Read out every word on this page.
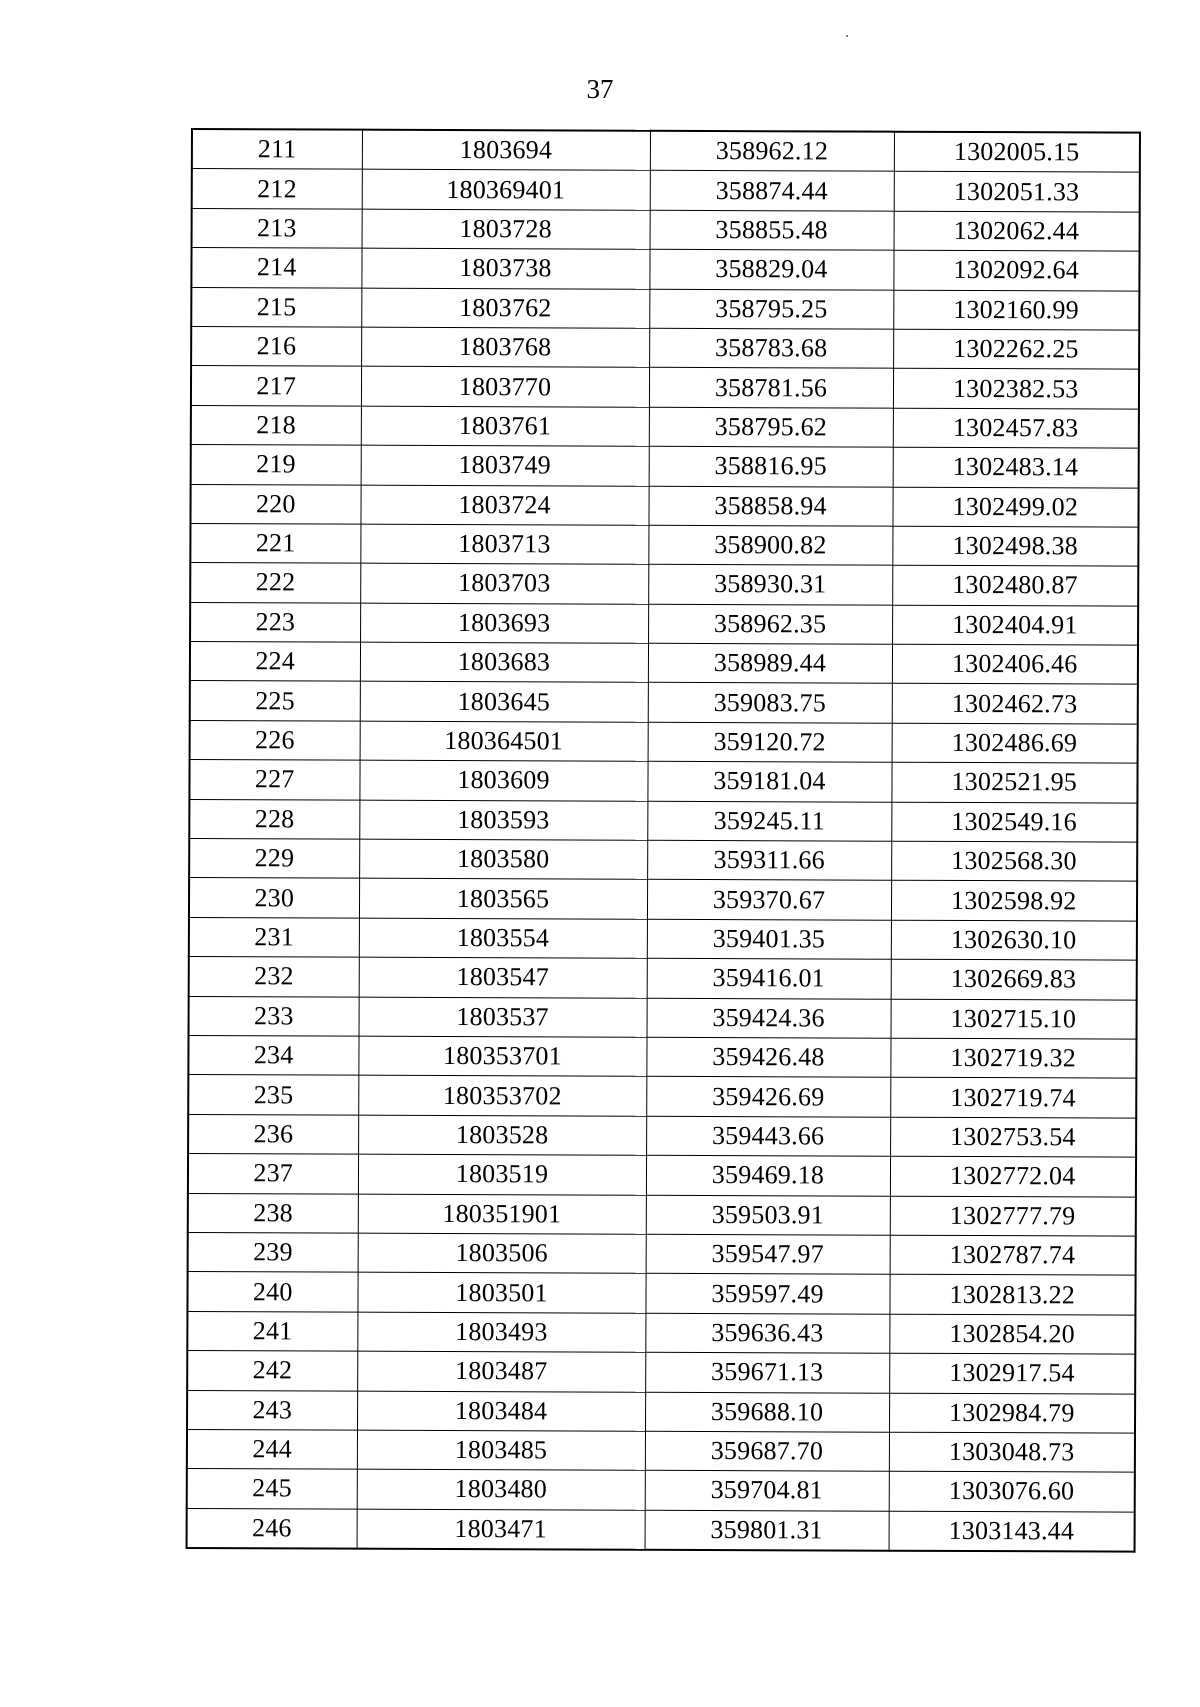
37
211	1803694	358962.12	1302005.15
212	180369401	358874.44	1302051.33
213	1803728	358855.48	1302062.44
214	1803738	358829.04	1302092.64
215	1803762	358795.25	1302160.99
216	1803768	358783.68	1302262.25
217	1803770	358781.56	1302382.53
218	1803761	358795.62	1302457.83
219	1803749	358816.95	1302483.14
220	1803724	358858.94	1302499.02
221	1803713	358900.82	1302498.38
222	1803703	358930.31	1302480.87
223	1803693	358962.35	1302404.91
224	1803683	358989.44	1302406.46
225	1803645	359083.75	1302462.73
226	180364501	359120.72	1302486.69
227	1803609	359181.04	1302521.95
228	1803593	359245.11	1302549.16
229	1803580	359311.66	1302568.30
230	1803565	359370.67	1302598.92
231	1803554	359401.35	1302630.10
232	1803547	359416.01	1302669.83
233	1803537	359424.36	1302715.10
234	180353701	359426.48	1302719.32
235	180353702	359426.69	1302719.74
236	1803528	359443.66	1302753.54
237	1803519	359469.18	1302772.04
238	180351901	359503.91	1302777.79
239	1803506	359547.97	1302787.74
240	1803501	359597.49	1302813.22
241	1803493	359636.43	1302854.20
242	1803487	359671.13	1302917.54
243	1803484	359688.10	1302984.79
244	1803485	359687.70	1303048.73
245	1803480	359704.81	1303076.60
246	1803471	359801.31	1303143.44
